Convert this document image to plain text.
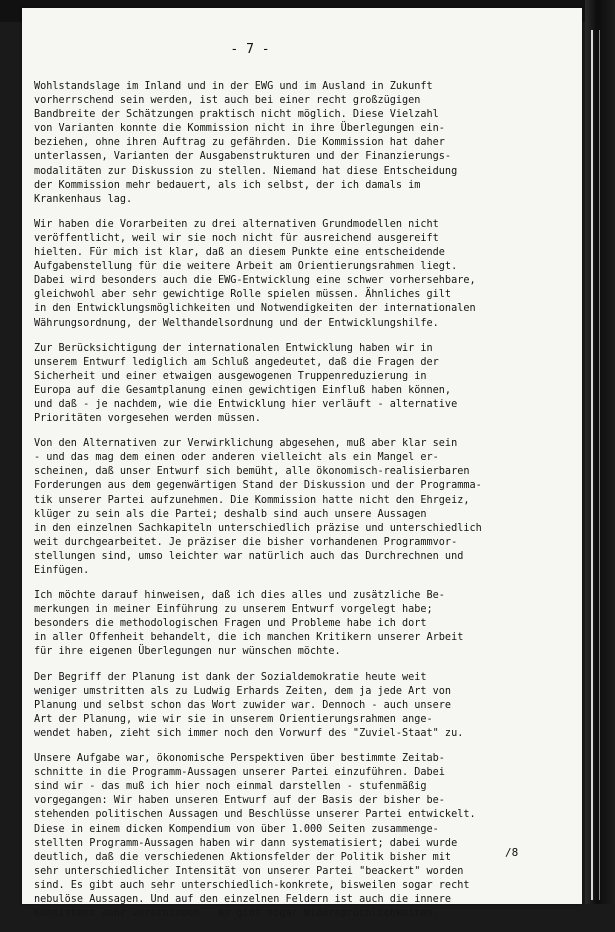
- 7 -
Wohlstandslage im Inland und in der EWG und im Ausland in Zukunft
vorherrschend sein werden, ist auch bei einer recht großzügigen
Bandbreite der Schätzungen praktisch nicht möglich. Diese Vielzahl
von Varianten konnte die Kommission nicht in ihre Überlegungen ein-
beziehen, ohne ihren Auftrag zu gefährden. Die Kommission hat daher
unterlassen, Varianten der Ausgabenstrukturen und der Finanzierungs-
modalitäten zur Diskussion zu stellen. Niemand hat diese Entscheidung
der Kommission mehr bedauert, als ich selbst, der ich damals im
Krankenhaus lag.
Wir haben die Vorarbeiten zu drei alternativen Grundmodellen nicht
veröffentlicht, weil wir sie noch nicht für ausreichend ausgereift
hielten. Für mich ist klar, daß an diesem Punkte eine entscheidende
Aufgabenstellung für die weitere Arbeit am Orientierungsrahmen liegt.
Dabei wird besonders auch die EWG-Entwicklung eine schwer vorhersehbare,
gleichwohl aber sehr gewichtige Rolle spielen müssen. Ähnliches gilt
in den Entwicklungsmöglichkeiten und Notwendigkeiten der internationalen
Währungsordnung, der Welthandelsordnung und der Entwicklungshilfe.
Zur Berücksichtigung der internationalen Entwicklung haben wir in
unserem Entwurf lediglich am Schluß angedeutet, daß die Fragen der
Sicherheit und einer etwaigen ausgewogenen Truppenreduzierung in
Europa auf die Gesamtplanung einen gewichtigen Einfluß haben können,
und daß - je nachdem, wie die Entwicklung hier verläuft - alternative
Prioritäten vorgesehen werden müssen.
Von den Alternativen zur Verwirklichung abgesehen, muß aber klar sein
- und das mag dem einen oder anderen vielleicht als ein Mangel er-
scheinen, daß unser Entwurf sich bemüht, alle ökonomisch-realisierbaren
Forderungen aus dem gegenwärtigen Stand der Diskussion und der Programma-
tik unserer Partei aufzunehmen. Die Kommission hatte nicht den Ehrgeiz,
klüger zu sein als die Partei; deshalb sind auch unsere Aussagen
in den einzelnen Sachkapiteln unterschiedlich präzise und unterschiedlich
weit durchgearbeitet. Je präziser die bisher vorhandenen Programmvor-
stellungen sind, umso leichter war natürlich auch das Durchrechnen und
Einfügen.
Ich möchte darauf hinweisen, daß ich dies alles und zusätzliche Be-
merkungen in meiner Einführung zu unserem Entwurf vorgelegt habe;
besonders die methodologischen Fragen und Probleme habe ich dort
in aller Offenheit behandelt, die ich manchen Kritikern unserer Arbeit
für ihre eigenen Überlegungen nur wünschen möchte.
Der Begriff der Planung ist dank der Sozialdemokratie heute weit
weniger umstritten als zu Ludwig Erhards Zeiten, dem ja jede Art von
Planung und selbst schon das Wort zuwider war. Dennoch - auch unsere
Art der Planung, wie wir sie in unserem Orientierungsrahmen ange-
wendet haben, zieht sich immer noch den Vorwurf des "Zuviel-Staat" zu.
Unsere Aufgabe war, ökonomische Perspektiven über bestimmte Zeitab-
schnitte in die Programm-Aussagen unserer Partei einzuführen. Dabei
sind wir - das muß ich hier noch einmal darstellen - stufenmäßig
vorgegangen: Wir haben unseren Entwurf auf der Basis der bisher be-
stehenden politischen Aussagen und Beschlüsse unserer Partei entwickelt.
Diese in einem dicken Kompendium von über 1.000 Seiten zusammenge-
stellten Programm-Aussagen haben wir dann systematisiert; dabei wurde
deutlich, daß die verschiedenen Aktionsfelder der Politik bisher mit
sehr unterschiedlicher Intensität von unserer Partei "beackert" worden
sind. Es gibt auch sehr unterschiedlich-konkrete, bisweilen sogar recht
nebulöse Aussagen. Und auf den einzelnen Feldern ist auch die innere
Konsistenz sehr verschieden - es gibt sogar Widersprüchlichkeiten.
/8
